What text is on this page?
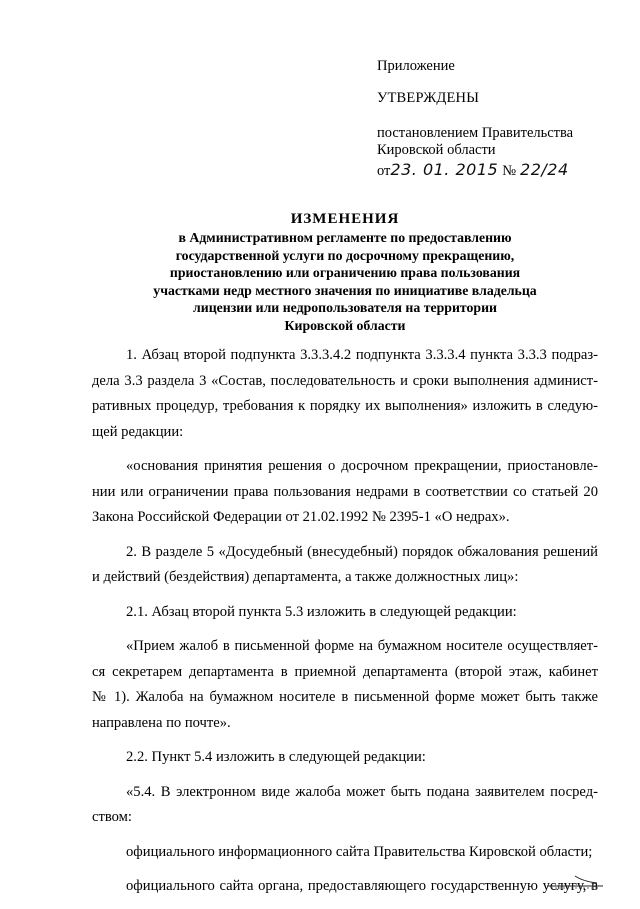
Приложение
УТВЕРЖДЕНЫ
постановлением Правительства
Кировской области
от23. 01. 2015 № 22/24
ИЗМЕНЕНИЯ
в Административном регламенте по предоставлению
государственной услуги по досрочному прекращению,
приостановлению или ограничению права пользования
участками недр местного значения по инициативе владельца
лицензии или недропользователя на территории
Кировской области
1. Абзац второй подпункта 3.3.3.4.2 подпункта 3.3.3.4 пункта 3.3.3 подраз-
дела 3.3 раздела 3 «Состав, последовательность и сроки выполнения админист-
ративных процедур, требования к порядку их выполнения» изложить в следую-
щей редакции:
«основания принятия решения о досрочном прекращении, приостановле-
нии или ограничении права пользования недрами в соответствии со статьей 20
Закона Российской Федерации от 21.02.1992 № 2395-1 «О недрах».
2. В разделе 5 «Досудебный (внесудебный) порядок обжалования решений
и действий (бездействия) департамента, а также должностных лиц»:
2.1. Абзац второй пункта 5.3 изложить в следующей редакции:
«Прием жалоб в письменной форме на бумажном носителе осуществляет-
ся секретарем департамента в приемной департамента (второй этаж, кабинет
№ 1). Жалоба на бумажном носителе в письменной форме может быть также
направлена по почте».
2.2. Пункт 5.4 изложить в следующей редакции:
«5.4. В электронном виде жалоба может быть подана заявителем посред-
ством:
официального информационного сайта Правительства Кировской области;
официального сайта органа, предоставляющего государственную услугу, в
